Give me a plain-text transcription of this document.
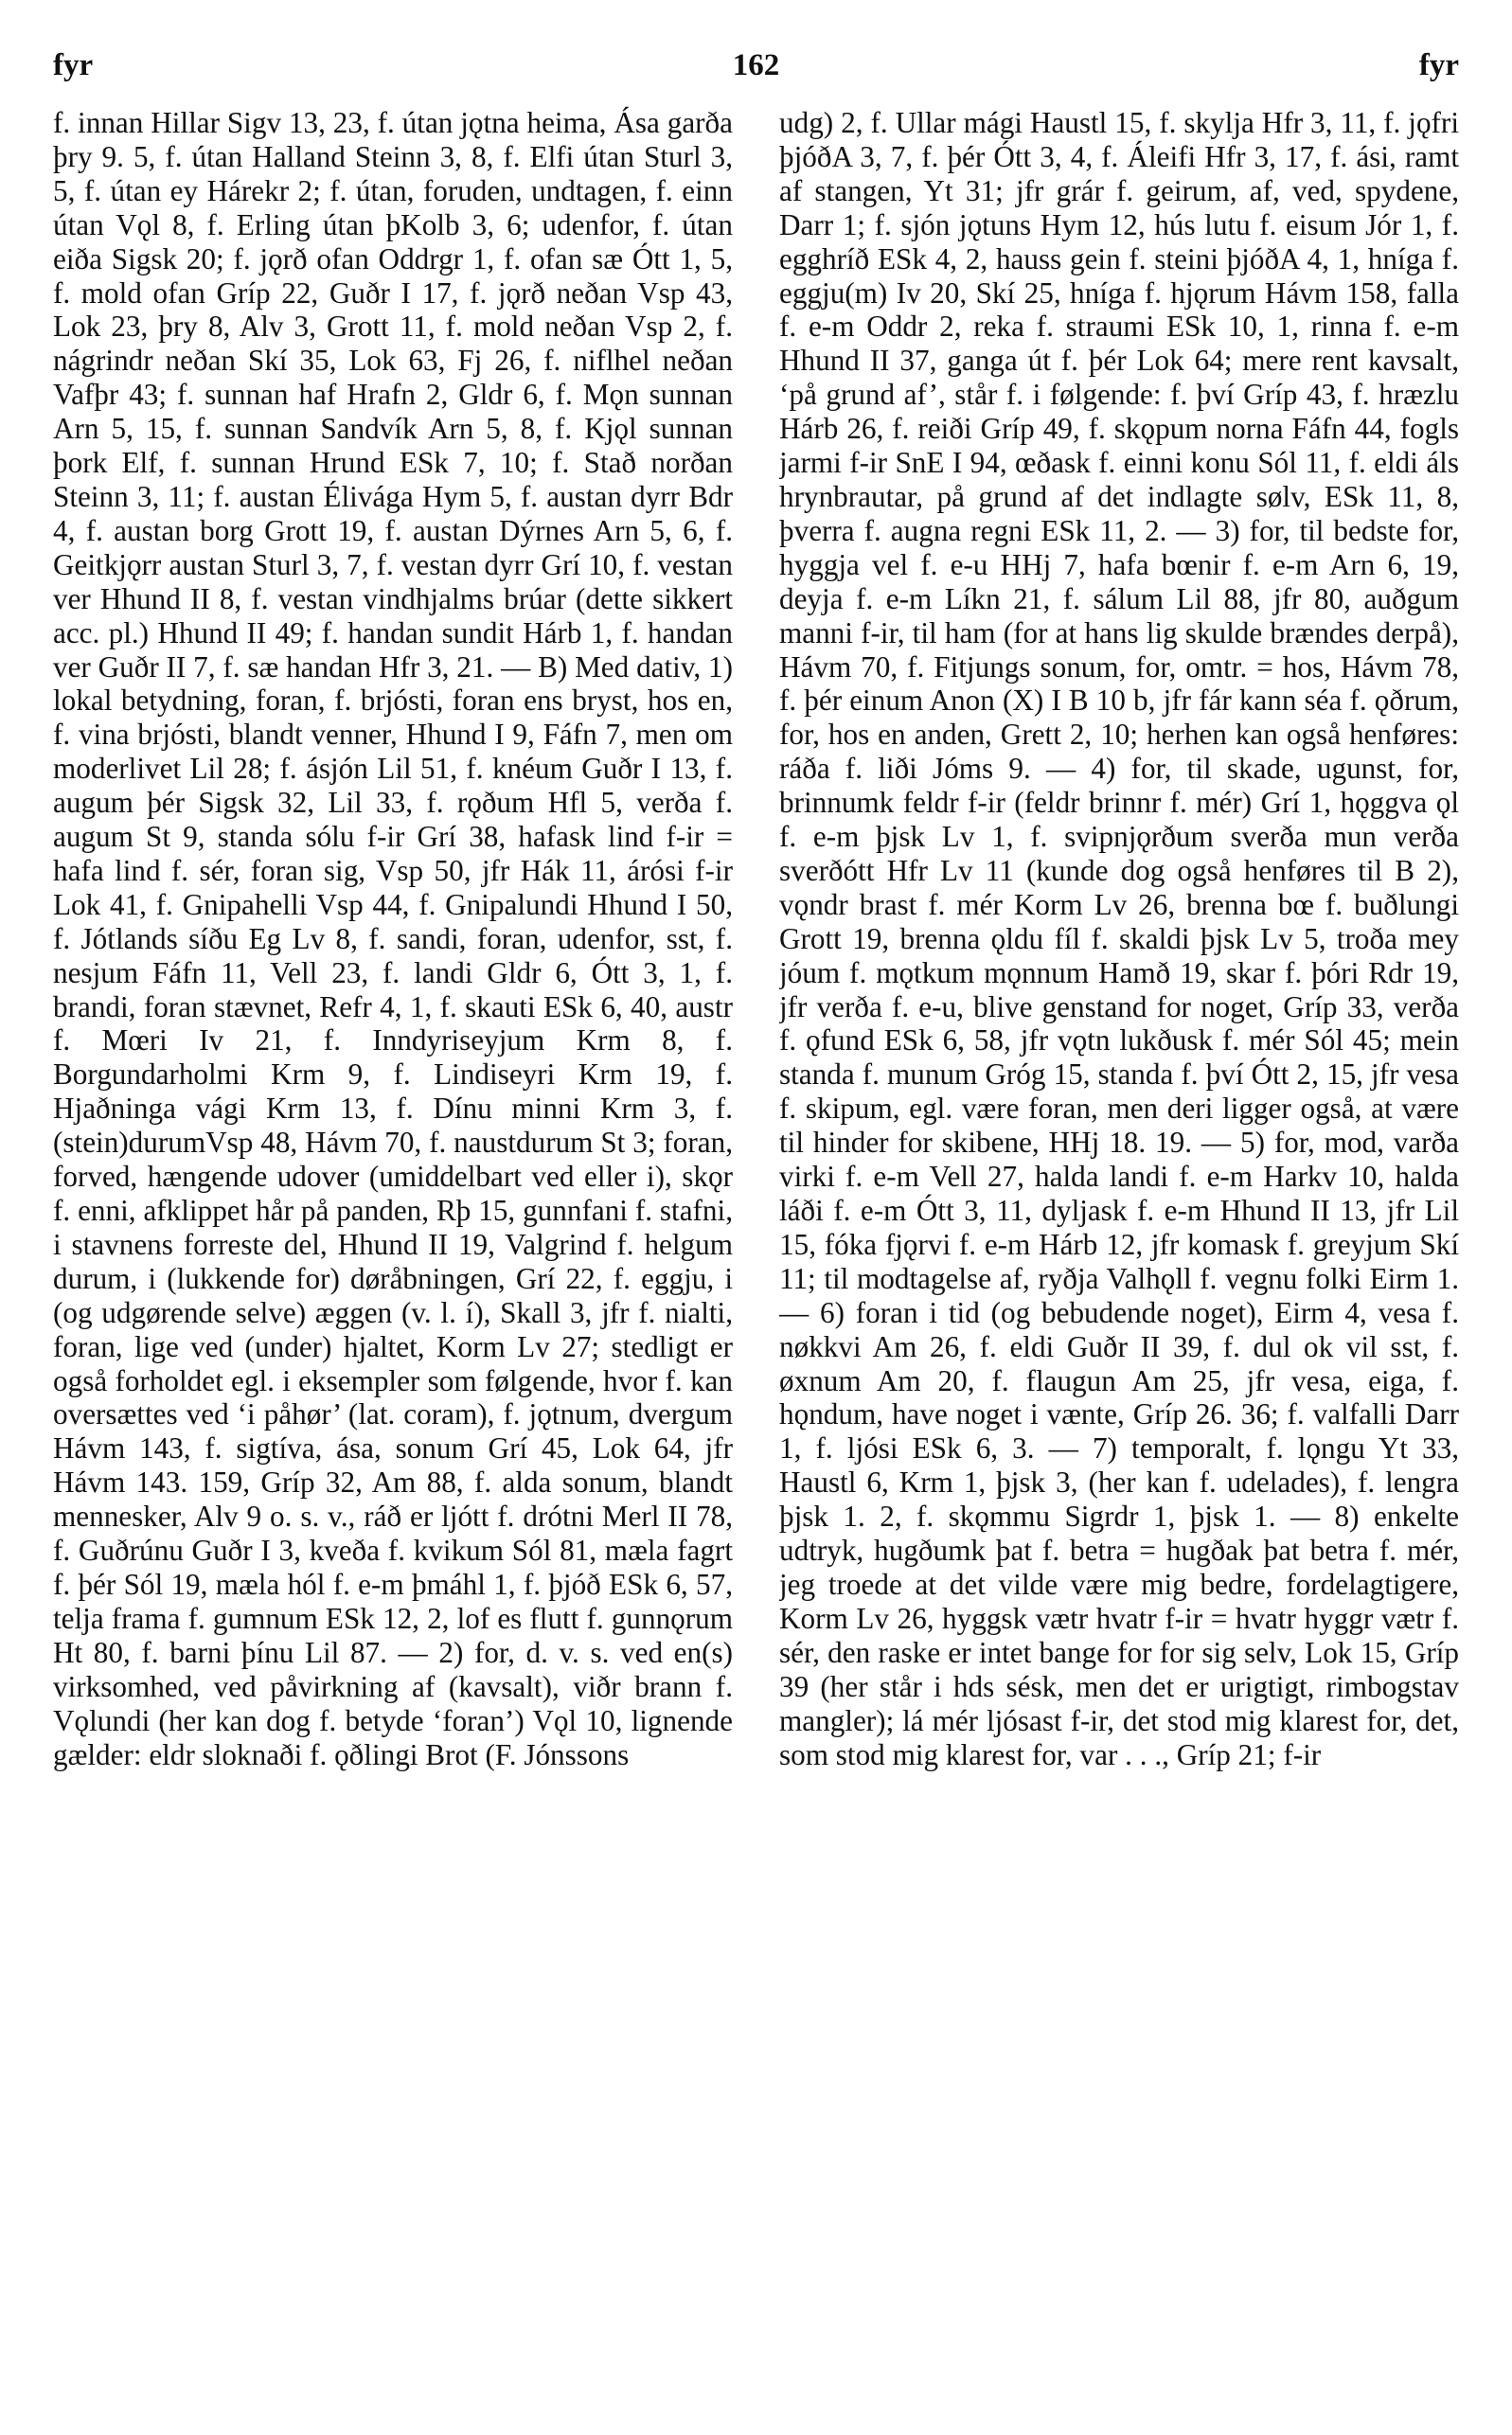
fyr	162	fyr

f. innan Hillar Sigv 13, 23, f. útan jǫtna heima, Ása garða þry 9. 5, f. útan Halland Steinn 3, 8, f. Elfi útan Sturl 3, 5, f. útan ey Hárekr 2; f. útan, foruden, undtagen, f. einn útan Vǫl 8, f. Erling útan þKolb 3, 6; udenfor, f. útan eiða Sigsk 20; f. jǫrð ofan Oddrgr 1, f. ofan sæ Ótt 1, 5, f. mold ofan Gríp 22, Guðr I 17, f. jǫrð neðan Vsp 43, Lok 23, þry 8, Alv 3, Grott 11, f. mold neðan Vsp 2, f. nágrindr neðan Skí 35, Lok 63, Fj 26, f. niflhel neðan Vafþr 43; f. sunnan haf Hrafn 2, Gldr 6, f. Mǫn sunnan Arn 5, 15, f. sunnan Sandvík Arn 5, 8, f. Kjǫl sunnan þork Elf, f. sunnan Hrund ESk 7, 10; f. Stað norðan Steinn 3, 11; f. austan Élivága Hym 5, f. austan dyrr Bdr 4, f. austan borg Grott 19, f. austan Dýrnes Arn 5, 6, f. Geitkjǫrr austan Sturl 3, 7, f. vestan dyrr Grí 10, f. vestan ver Hhund II 8, f. vestan vindhjalms brúar (dette sikkert acc. pl.) Hhund II 49; f. handan sundit Hárb 1, f. handan ver Guðr II 7, f. sæ handan Hfr 3, 21. — B) Med dativ, 1) lokal betydning, foran, f. brjósti, foran ens bryst, hos en, f. vina brjósti, blandt venner, Hhund I 9, Fáfn 7, men om moderlivet Lil 28; f. ásjón Lil 51, f. knéum Guðr I 13, f. augum þér Sigsk 32, Lil 33, f. rǫðum Hfl 5, verða f. augum St 9, standa sólu f-ir Grí 38, hafask lind f-ir = hafa lind f. sér, foran sig, Vsp 50, jfr Hák 11, árósi f-ir Lok 41, f. Gnipahelli Vsp 44, f. Gnipalundi Hhund I 50, f. Jótlands síðu Eg Lv 8, f. sandi, foran, udenfor, sst, f. nesjum Fáfn 11, Vell 23, f. landi Gldr 6, Ótt 3, 1, f. brandi, foran stævnet, Refr 4, 1, f. skauti ESk 6, 40, austr f. Mœri Iv 21, f. Inndyriseyjum Krm 8, f. Borgundarholmi Krm 9, f. Lindiseyri Krm 19, f. Hjaðninga vági Krm 13, f. Dínu minni Krm 3, f. (stein)durumVsp 48, Hávm 70, f. naustdurum St 3; foran, forved, hængende udover (umiddelbart ved eller i), skǫr f. enni, afklippet hår på panden, Rþ 15, gunnfani f. stafni, i stavnens forreste del, Hhund II 19, Valgrind f. helgum durum, i (lukkende for) døråbningen, Grí 22, f. eggju, i (og udgørende selve) æggen (v. l. í), Skall 3, jfr f. nialti, foran, lige ved (under) hjaltet, Korm Lv 27; stedligt er også forholdet egl. i eksempler som følgende, hvor f. kan oversættes ved ‘i påhør’ (lat. coram), f. jǫtnum, dvergum Hávm 143, f. sigtíva, ása, sonum Grí 45, Lok 64, jfr Hávm 143. 159, Gríp 32, Am 88, f. alda sonum, blandt mennesker, Alv 9 o. s. v., ráð er ljótt f. drótni Merl II 78, f. Guðrúnu Guðr I 3, kveða f. kvikum Sól 81, mæla fagrt f. þér Sól 19, mæla hól f. e-m þmáhl 1, f. þjóð ESk 6, 57, telja frama f. gumnum ESk 12, 2, lof es flutt f. gunnǫrum Ht 80, f. barni þínu Lil 87. — 2) for, d. v. s. ved en(s) virksomhed, ved påvirkning af (kavsalt), viðr brann f. Vǫlundi (her kan dog f. betyde ‘foran’) Vǫl 10, lignende gælder: eldr sloknaði f. ǫðlingi Brot (F. Jónssons

udg) 2, f. Ullar mági Haustl 15, f. skylja Hfr 3, 11, f. jǫfri þjóðA 3, 7, f. þér Ótt 3, 4, f. Áleifi Hfr 3, 17, f. ási, ramt af stangen, Yt 31; jfr grár f. geirum, af, ved, spydene, Darr 1; f. sjón jǫtuns Hym 12, hús lutu f. eisum Jór 1, f. egghríð ESk 4, 2, hauss gein f. steini þjóðA 4, 1, hníga f. eggju(m) Iv 20, Skí 25, hníga f. hjǫrum Hávm 158, falla f. e-m Oddr 2, reka f. straumi ESk 10, 1, rinna f. e-m Hhund II 37, ganga út f. þér Lok 64; mere rent kavsalt, ‘på grund af’, står f. i følgende: f. því Gríp 43, f. hræzlu Hárb 26, f. reiði Gríp 49, f. skǫpum norna Fáfn 44, fogls jarmi f-ir SnE I 94, œðask f. einni konu Sól 11, f. eldi áls hrynbrautar, på grund af det indlagte sølv, ESk 11, 8, þverra f. augna regni ESk 11, 2. — 3) for, til bedste for, hyggja vel f. e-u HHj 7, hafa bœnir f. e-m Arn 6, 19, deyja f. e-m Líkn 21, f. sálum Lil 88, jfr 80, auðgum manni f-ir, til ham (for at hans lig skulde brændes derpå), Hávm 70, f. Fitjungs sonum, for, omtr. = hos, Hávm 78, f. þér einum Anon (X) I B 10 b, jfr fár kann séa f. ǫðrum, for, hos en anden, Grett 2, 10; herhen kan også henføres: ráða f. liði Jóms 9. — 4) for, til skade, ugunst, for, brinnumk feldr f-ir (feldr brinnr f. mér) Grí 1, hǫggva ǫl f. e-m þjsk Lv 1, f. svipnjǫrðum sverða mun verða sverðótt Hfr Lv 11 (kunde dog også henføres til B 2), vǫndr brast f. mér Korm Lv 26, brenna bœ f. buðlungi Grott 19, brenna ǫldu fíl f. skaldi þjsk Lv 5, troða mey jóum f. mǫtkum mǫnnum Hamð 19, skar f. þóri Rdr 19, jfr verða f. e-u, blive genstand for noget, Gríp 33, verða f. ǫfund ESk 6, 58, jfr vǫtn lukðusk f. mér Sól 45; mein standa f. munum Gróg 15, standa f. því Ótt 2, 15, jfr vesa f. skipum, egl. være foran, men deri ligger også, at være til hinder for skibene, HHj 18. 19. — 5) for, mod, varða virki f. e-m Vell 27, halda landi f. e-m Harkv 10, halda láði f. e-m Ótt 3, 11, dyljask f. e-m Hhund II 13, jfr Lil 15, fóka fjǫrvi f. e-m Hárb 12, jfr komask f. greyjum Skí 11; til modtagelse af, ryðja Valhǫll f. vegnu folki Eirm 1. — 6) foran i tid (og bebudende noget), Eirm 4, vesa f. nøkkvi Am 26, f. eldi Guðr II 39, f. dul ok vil sst, f. øxnum Am 20, f. flaugun Am 25, jfr vesa, eiga, f. hǫndum, have noget i vænte, Gríp 26. 36; f. valfalli Darr 1, f. ljósi ESk 6, 3. — 7) temporalt, f. lǫngu Yt 33, Haustl 6, Krm 1, þjsk 3, (her kan f. udelades), f. lengra þjsk 1. 2, f. skǫmmu Sigrdr 1, þjsk 1. — 8) enkelte udtryk, hugðumk þat f. betra = hugðak þat betra f. mér, jeg troede at det vilde være mig bedre, fordelagtigere, Korm Lv 26, hyggsk vætr hvatr f-ir = hvatr hyggr vætr f. sér, den raske er intet bange for for sig selv, Lok 15, Gríp 39 (her står i hds sésk, men det er urigtigt, rimbogstav mangler); lá mér ljósast f-ir, det stod mig klarest for, det, som stod mig klarest for, var . . ., Gríp 21; f-ir
